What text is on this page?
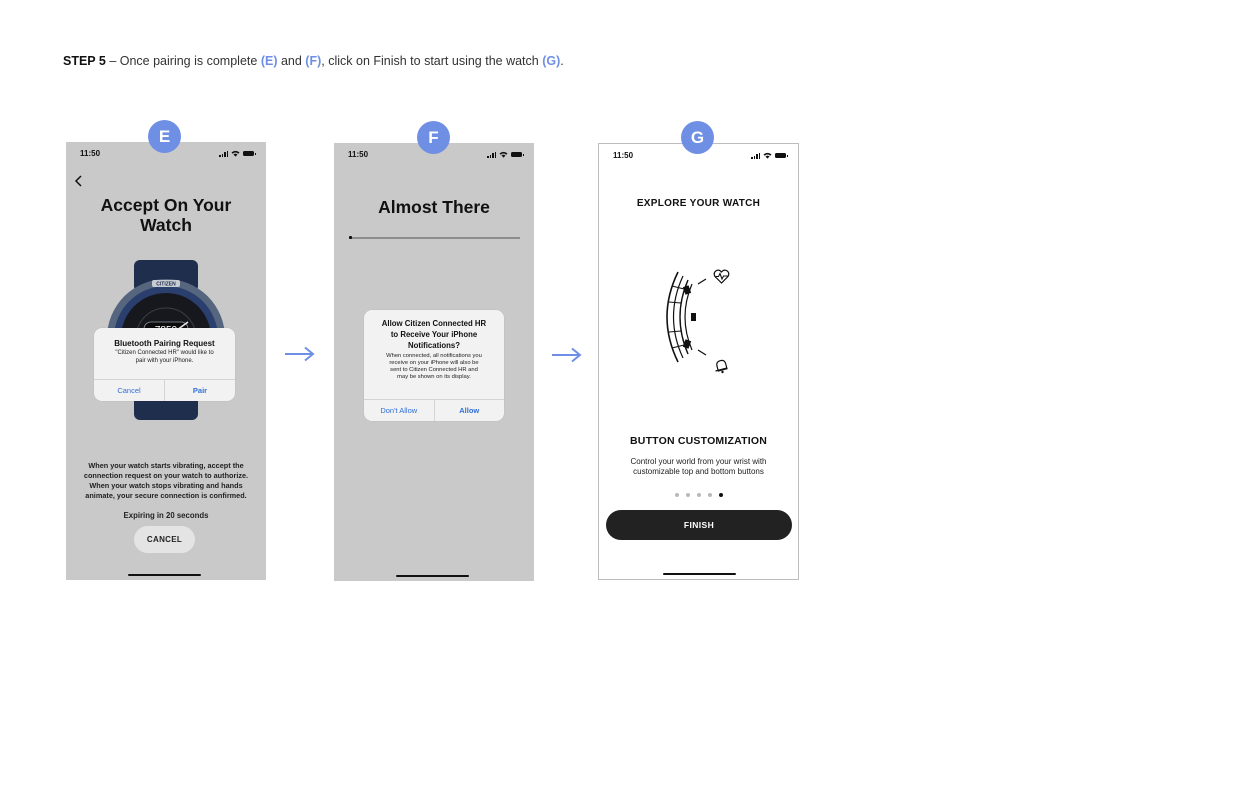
STEP 5 – Once pairing is complete (E) and (F), click on Finish to start using the watch (G).
11:50
Accept On Your
Watch
CITIZEN
Bluetooth Pairing Request
"Citizen Connected HR" would like to
pair with your iPhone.
Cancel	Pair
When your watch starts vibrating, accept the
connection request on your watch to authorize.
When your watch stops vibrating and hands
animate, your secure connection is confirmed.
Expiring in 20 seconds
CANCEL
E
11:50
Almost There
Allow Citizen Connected HR
to Receive Your iPhone
Notifications?
When connected, all notifications you
receive on your iPhone will also be
sent to Citizen Connected HR and
may be shown on its display.
Don't Allow	Allow
F
11:50
EXPLORE YOUR WATCH
BUTTON CUSTOMIZATION
Control your world from your wrist with
customizable top and bottom buttons
FINISH
G
